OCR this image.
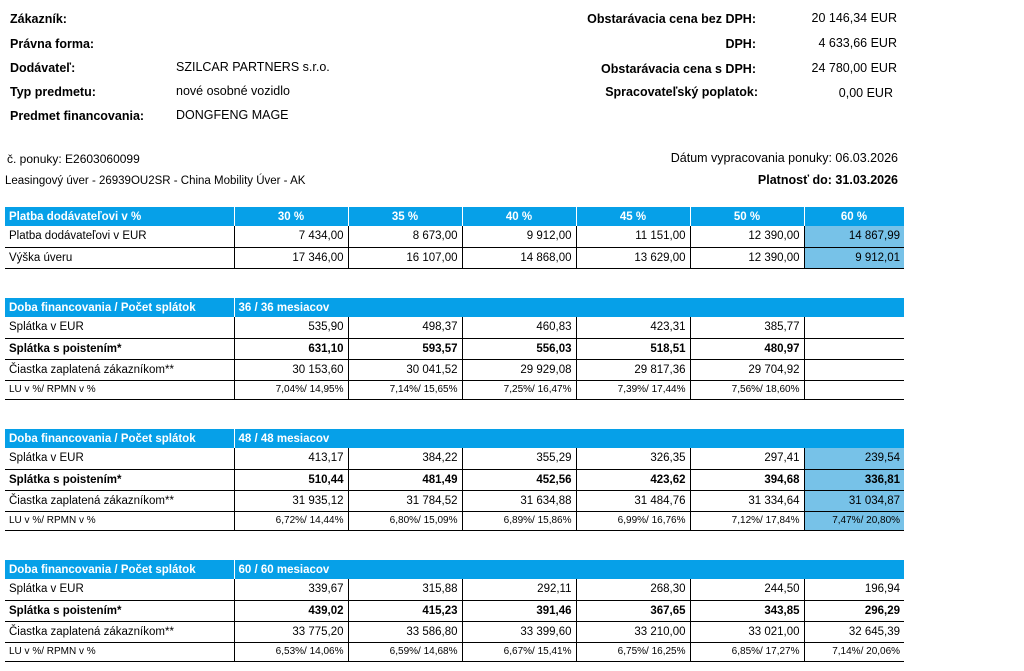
Zákazník:
Právna forma:
Dodávateľ:	SZILCAR PARTNERS s.r.o.
Typ predmetu:	nové osobné vozidlo
Predmet financovania:	DONGFENG MAGE
Obstarávacia cena bez DPH:	20 146,34 EUR
DPH:	4 633,66 EUR
Obstarávacia cena s DPH:	24 780,00 EUR
Spracovateľský poplatok:	0,00 EUR
č. ponuky: E2603060099
Leasingový úver - 26939OU2SR - China Mobility Úver - AK
Dátum vypracovania ponuky: 06.03.2026
Platnosť do: 31.03.2026
Platba dodávateľovi v %	30 %	35 %	40 %	45 %	50 %	60 %
Platba dodávateľovi v EUR	7 434,00	8 673,00	9 912,00	11 151,00	12 390,00	14 867,99
Výška úveru	17 346,00	16 107,00	14 868,00	13 629,00	12 390,00	9 912,01
Doba financovania / Počet splátok	36 / 36 mesiacov					
Splátka v EUR	535,90	498,37	460,83	423,31	385,77	
Splátka s poistením*	631,10	593,57	556,03	518,51	480,97	
Čiastka zaplatená zákazníkom**	30 153,60	30 041,52	29 929,08	29 817,36	29 704,92	
LU v %/ RPMN v %	7,04%/ 14,95%	7,14%/ 15,65%	7,25%/ 16,47%	7,39%/ 17,44%	7,56%/ 18,60%	
Doba financovania / Počet splátok	48 / 48 mesiacov					
Splátka v EUR	413,17	384,22	355,29	326,35	297,41	239,54
Splátka s poistením*	510,44	481,49	452,56	423,62	394,68	336,81
Čiastka zaplatená zákazníkom**	31 935,12	31 784,52	31 634,88	31 484,76	31 334,64	31 034,87
LU v %/ RPMN v %	6,72%/ 14,44%	6,80%/ 15,09%	6,89%/ 15,86%	6,99%/ 16,76%	7,12%/ 17,84%	7,47%/ 20,80%
Doba financovania / Počet splátok	60 / 60 mesiacov					
Splátka v EUR	339,67	315,88	292,11	268,30	244,50	196,94
Splátka s poistením*	439,02	415,23	391,46	367,65	343,85	296,29
Čiastka zaplatená zákazníkom**	33 775,20	33 586,80	33 399,60	33 210,00	33 021,00	32 645,39
LU v %/ RPMN v %	6,53%/ 14,06%	6,59%/ 14,68%	6,67%/ 15,41%	6,75%/ 16,25%	6,85%/ 17,27%	7,14%/ 20,06%
